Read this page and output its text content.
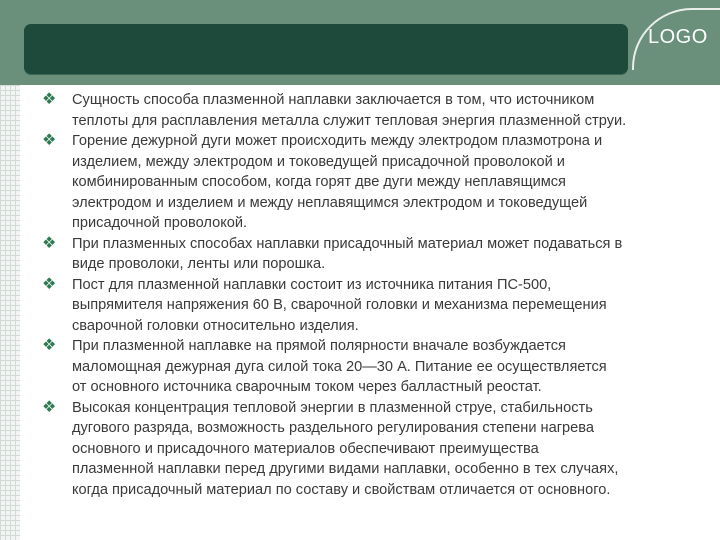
LOGO
❖ Сущность способа плазменной наплавки заключается в том, что источником
теплоты для расплавления металла служит тепловая энергия плазменной струи.
❖ Горение дежурной дуги может происходить между электродом плазмотрона и
изделием, между электродом и токоведущей присадочной проволокой и
комбинированным способом, когда горят две дуги между неплавящимся
электродом и изделием и между неплавящимся электродом и токоведущей
присадочной проволокой.
❖ При плазменных способах наплавки присадочный материал может подаваться в
виде проволоки, ленты или порошка.
❖ Пост для плазменной наплавки состоит из источника питания ПС-500,
выпрямителя напряжения 60 В, сварочной головки и механизма перемещения
сварочной головки относительно изделия.
❖ При плазменной наплавке на прямой полярности вначале возбуждается
маломощная дежурная дуга силой тока 20—30 А. Питание ее осуществляется
от основного источника сварочным током через балластный реостат.
❖ Высокая концентрация тепловой энергии в плазменной струе, стабильность
дугового разряда, возможность раздельного регулирования степени нагрева
основного и присадочного материалов обеспечивают преимущества
плазменной наплавки перед другими видами наплавки, особенно в тех случаях,
когда присадочный материал по составу и свойствам отличается от основного.
